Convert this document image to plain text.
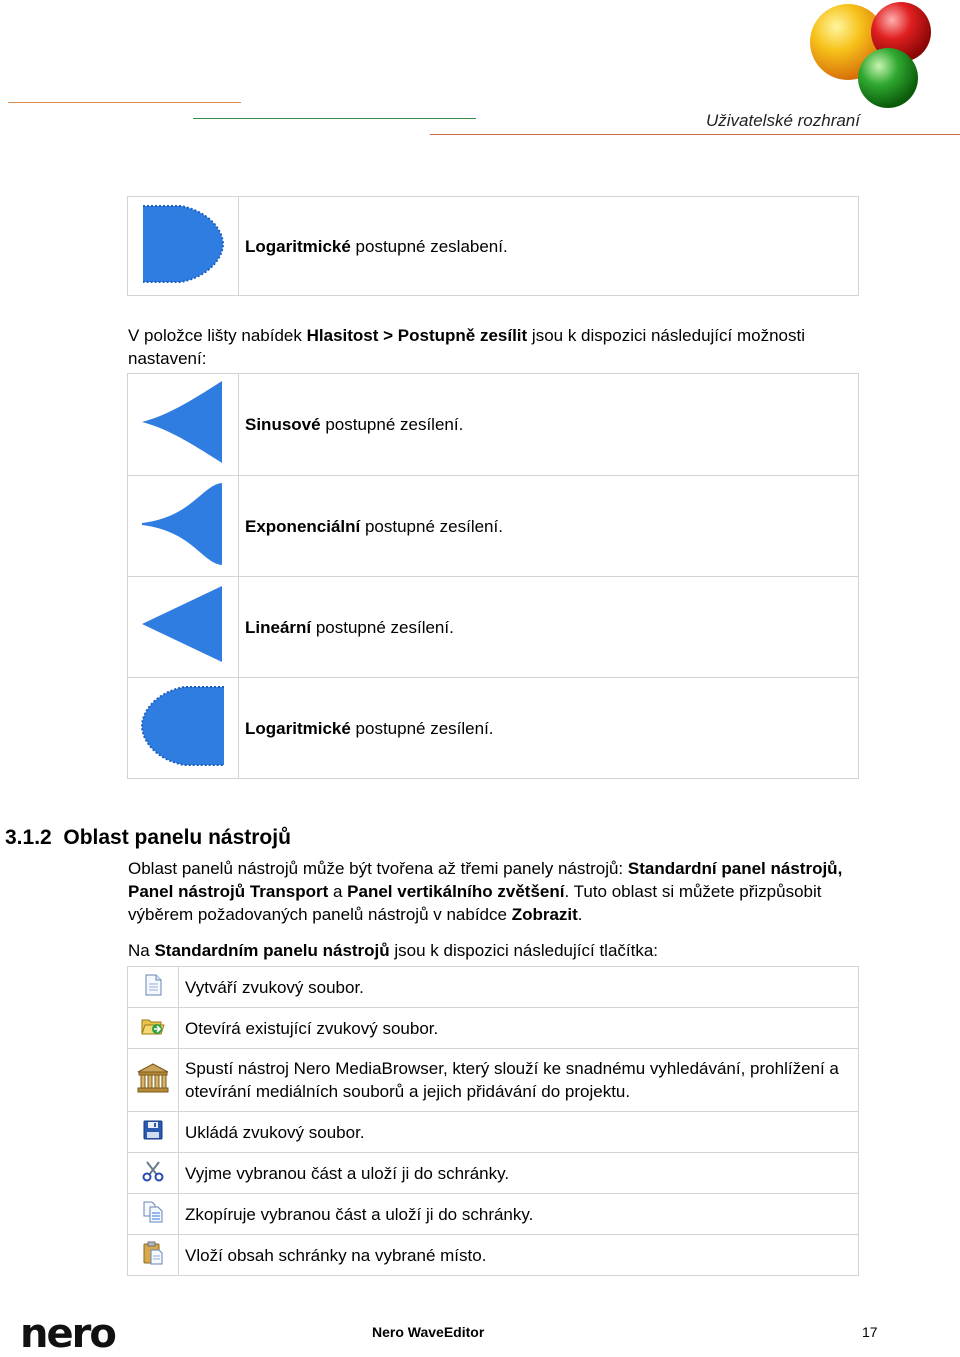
Uživatelské rozhraní
	Logaritmické postupné zeslabení.
V položce lišty nabídek Hlasitost > Postupně zesílit jsou k dispozici následující možnosti nastavení:
	Sinusové postupné zesílení.
	Exponenciální postupné zesílení.
	Lineární postupné zesílení.
	Logaritmické postupné zesílení.
3.1.2  Oblast panelu nástrojů
Oblast panelů nástrojů může být tvořena až třemi panely nástrojů: Standardní panel nástrojů, Panel nástrojů Transport a Panel vertikálního zvětšení. Tuto oblast si můžete přizpůsobit výběrem požadovaných panelů nástrojů v nabídce Zobrazit.
Na Standardním panelu nástrojů jsou k dispozici následující tlačítka:
	Vytváří zvukový soubor.
	Otevírá existující zvukový soubor.
	Spustí nástroj Nero MediaBrowser, který slouží ke snadnému vyhledávání, prohlížení a otevírání mediálních souborů a jejich přidávání do projektu.
	Ukládá zvukový soubor.
	Vyjme vybranou část a uloží ji do schránky.
	Zkopíruje vybranou část a uloží ji do schránky.
	Vloží obsah schránky na vybrané místo.
nero	Nero WaveEditor	17
